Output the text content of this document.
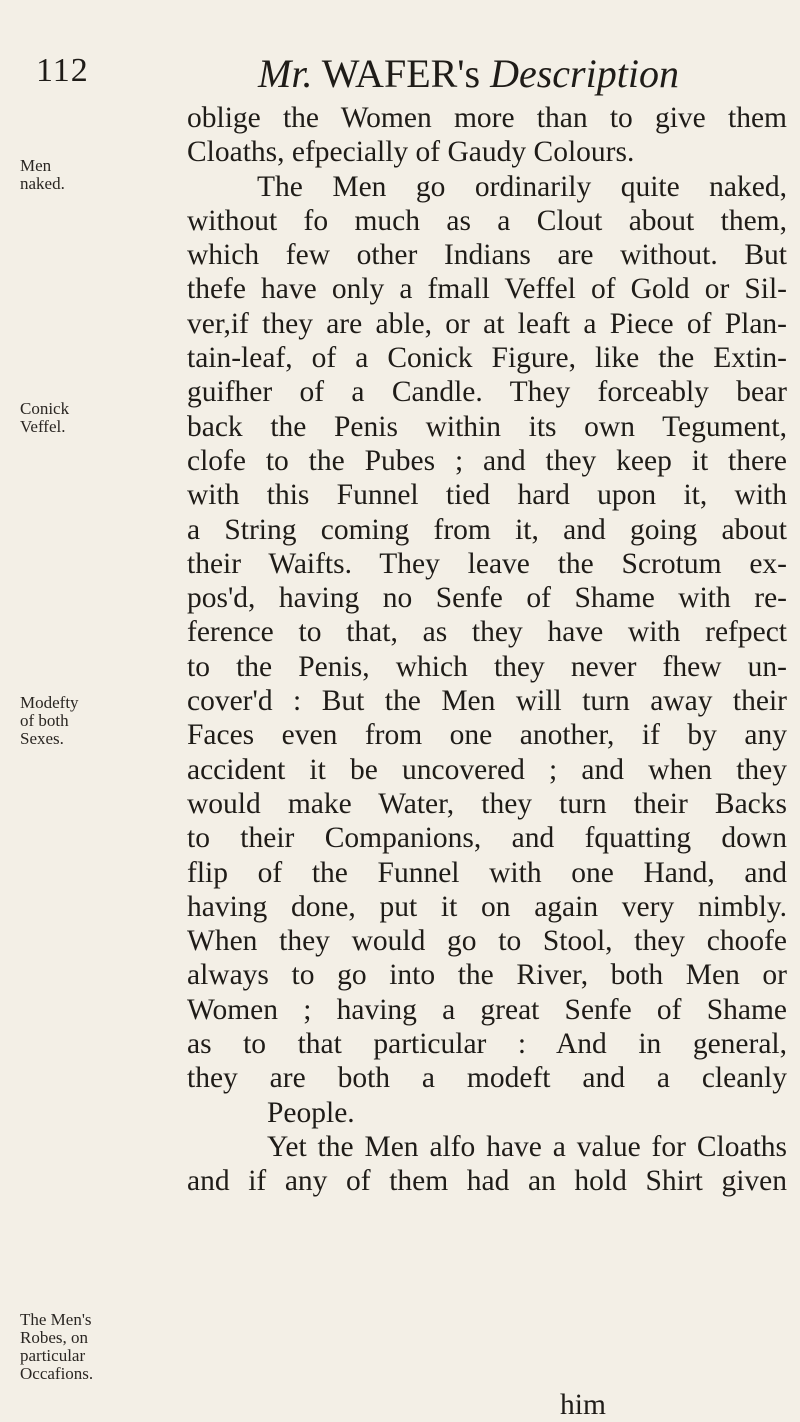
112	Mr. WAFER's Description
Men
naked.
Conick
Veffel.
Modefty
of both
Sexes.
The Men's
Robes, on
particular
Occafions.
oblige the Women more than to give them
Cloaths, efpecially of Gaudy Colours.
The Men go ordinarily quite naked,
without fo much as a Clout about them,
which few other Indians are without. But
thefe have only a fmall Veffel of Gold or Sil-
ver,if they are able, or at leaft a Piece of Plan-
tain-leaf, of a Conick Figure, like the Extin-
guifher of a Candle. They forceably bear
back the Penis within its own Tegument,
clofe to the Pubes ; and they keep it there
with this Funnel tied hard upon it, with
a String coming from it, and going about
their Waifts. They leave the Scrotum ex-
pos'd, having no Senfe of Shame with re-
ference to that, as they have with refpect
to the Penis, which they never fhew un-
cover'd : But the Men will turn away their
Faces even from one another, if by any
accident it be uncovered ; and when they
would make Water, they turn their Backs
to their Companions, and fquatting down
flip of the Funnel with one Hand, and
having done, put it on again very nimbly.
When they would go to Stool, they choofe
always to go into the River, both Men or
Women ; having a great Senfe of Shame
as to that particular : And in general,
they are both a modeft and a cleanly
People.
Yet the Men alfo have a value for Cloaths
and if any of them had an hold Shirt given
him
